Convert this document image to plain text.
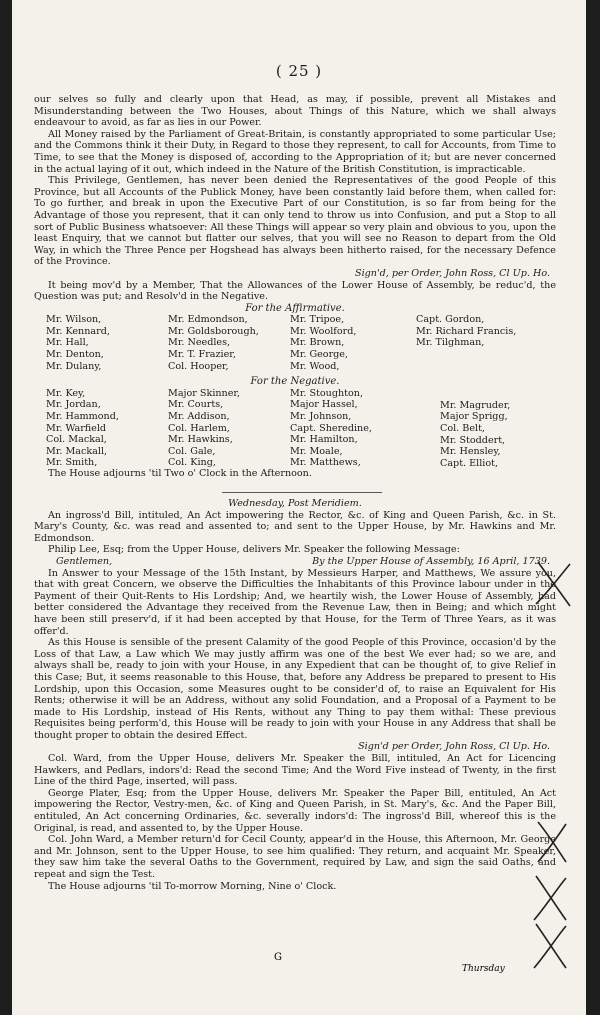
( 25 )

our selves so fully and clearly upon that Head, as may, if possible, prevent all Mistakes and Misunderstanding between the Two Houses, about Things of this Nature, which we shall always endeavour to avoid, as far as lies in our Power.

All Money raised by the Parliament of Great-Britain, is constantly appropriated to some particular Use; and the Commons think it their Duty, in Regard to those they represent, to call for Accounts, from Time to Time, to see that the Money is disposed of, according to the Appropriation of it; but are never concerned in the actual laying of it out, which indeed in the Nature of the British Constitution, is impracticable.

This Privilege, Gentlemen, has never been denied the Representatives of the good People of this Province, but all Accounts of the Publick Money, have been constantly laid before them, when called for: To go further, and break in upon the Executive Part of our Constitution, is so far from being for the Advantage of those you represent, that it can only tend to throw us into Confusion, and put a Stop to all sort of Public Business whatsoever: All these Things will appear so very plain and obvious to you, upon the least Enquiry, that we cannot but flatter our selves, that you will see no Reason to depart from the Old Way, in which the Three Pence per Hogshead has always been hitherto raised, for the necessary Defence of the Province.

Sign'd, per Order, John Ross, Cl Up. Ho.

It being mov'd by a Member, That the Allowances of the Lower House of Assembly, be reduc'd, the Question was put; and Resolv'd in the Negative.

For the Affirmative.

Mr. Wilson,
Mr. Kennard,
Mr. Hall,
Mr. Denton,
Mr. Dulany,
Mr. Edmondson,
Mr. Goldsborough,
Mr. Needles,
Mr. T. Frazier,
Col. Hooper,
Mr. Tripoe,
Mr. Woolford,
Mr. Brown,
Mr. George,
Mr. Wood,
Capt. Gordon,
Mr. Richard Francis,
Mr. Tilghman,

For the Negative.

Mr. Key,
Mr. Jordan,
Mr. Hammond,
Mr. Warfield
Col. Mackal,
Mr. Mackall,
Mr. Smith,
Major Skinner,
Mr. Courts,
Mr. Addison,
Col. Harlem,
Mr. Hawkins,
Col. Gale,
Col. King,
Mr. Stoughton,
Major Hassel,
Mr. Johnson,
Capt. Sheredine,
Mr. Hamilton,
Mr. Moale,
Mr. Matthews,
Mr. Magruder,
Major Sprigg,
Col. Belt,
Mr. Stoddert,
Mr. Hensley,
Capt. Elliot,

The House adjourns 'til Two o' Clock in the Afternoon.

Wednesday, Post Meridiem.

An ingross'd Bill, intituled, An Act impowering the Rector, &c. of King and Queen Parish, &c. in St. Mary's County, &c. was read and assented to; and sent to the Upper House, by Mr. Hawkins and Mr. Edmondson.

Philip Lee, Esq; from the Upper House, delivers Mr. Speaker the following Message:

Gentlemen,	By the Upper House of Assembly, 16 April, 1739.

In Answer to your Message of the 15th Instant, by Messieurs Harper, and Matthews, We assure you, that with great Concern, we observe the Difficulties the Inhabitants of this Province labour under in the Payment of their Quit-Rents to His Lordship; And, we heartily wish, the Lower House of Assembly, had better considered the Advantage they received from the Revenue Law, then in Being; and which might have been still preserv'd, if it had been accepted by that House, for the Term of Three Years, as it was offer'd.

As this House is sensible of the present Calamity of the good People of this Province, occasion'd by the Loss of that Law, a Law which We may justly affirm was one of the best We ever had; so we are, and always shall be, ready to join with your House, in any Expedient that can be thought of, to give Relief in this Case; But, it seems reasonable to this House, that, before any Address be prepared to present to His Lordship, upon this Occasion, some Measures ought to be consider'd of, to raise an Equivalent for His Rents; otherwise it will be an Address, without any solid Foundation, and a Proposal of a Payment to be made to His Lordship, instead of His Rents, without any Thing to pay them withal: These previous Requisites being perform'd, this House will be ready to join with your House in any Address that shall be thought proper to obtain the desired Effect.

Sign'd per Order, John Ross, Cl Up. Ho.

Col. Ward, from the Upper House, delivers Mr. Speaker the Bill, intituled, An Act for Licencing Hawkers, and Pedlars, indors'd: Read the second Time; And the Word Five instead of Twenty, in the first Line of the third Page, inserted, will pass.

George Plater, Esq; from the Upper House, delivers Mr. Speaker the Paper Bill, entituled, An Act impowering the Rector, Vestry-men, &c. of King and Queen Parish, in St. Mary's, &c. And the Paper Bill, entituled, An Act concerning Ordinaries, &c. severally indors'd: The ingross'd Bill, whereof this is the Original, is read, and assented to, by the Upper House.

Col. John Ward, a Member return'd for Cecil County, appear'd in the House, this Afternoon, Mr. George and Mr. Johnson, sent to the Upper House, to see him qualified: They return, and acquaint Mr. Speaker, they saw him take the several Oaths to the Government, required by Law, and sign the said Oaths, and repeat and sign the Test.

The House adjourns 'til To-morrow Morning, Nine o' Clock.

G
Thursday
